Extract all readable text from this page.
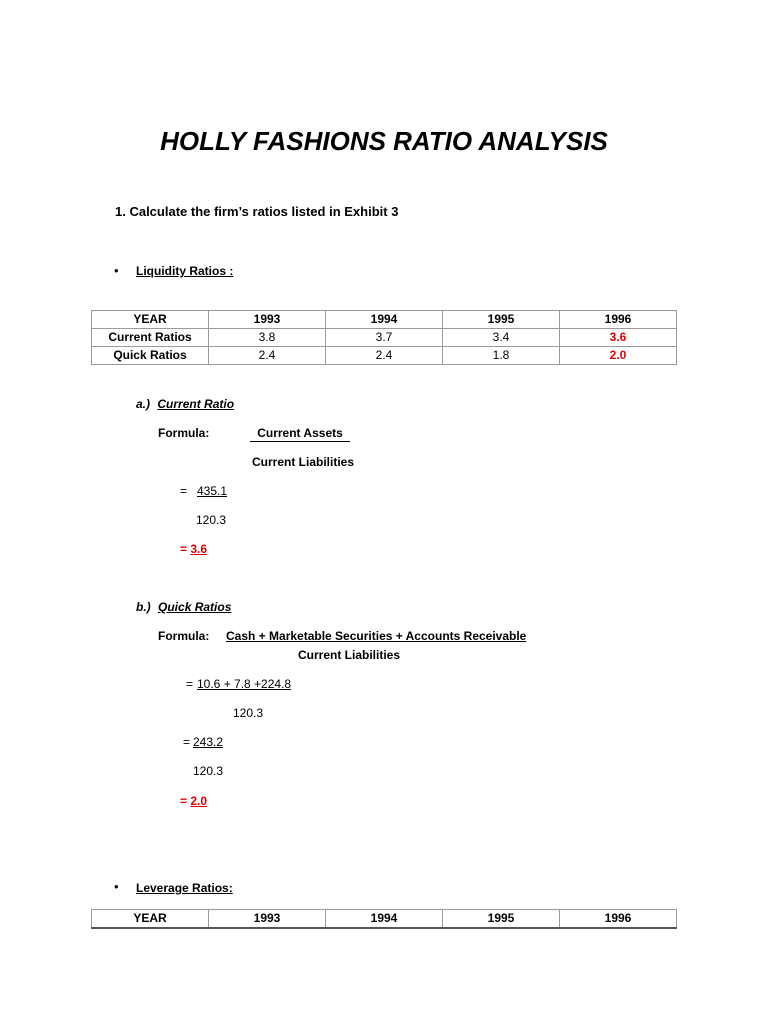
HOLLY FASHIONS RATIO ANALYSIS
1. Calculate the firm’s ratios listed in Exhibit 3
• Liquidity Ratios :
YEAR	1993	1994	1995	1996
Current Ratios	3.8	3.7	3.4	3.6
Quick Ratios	2.4	2.4	1.8	2.0
a.) Current Ratio
Formula:	Current Assets
Current Liabilities
= 435.1
120.3
= 3.6
b.) Quick Ratios
Formula: Cash + Marketable Securities + Accounts Receivable
Current Liabilities
= 10.6 + 7.8 +224.8
120.3
= 243.2
120.3
= 2.0
• Leverage Ratios:
YEAR	1993	1994	1995	1996
